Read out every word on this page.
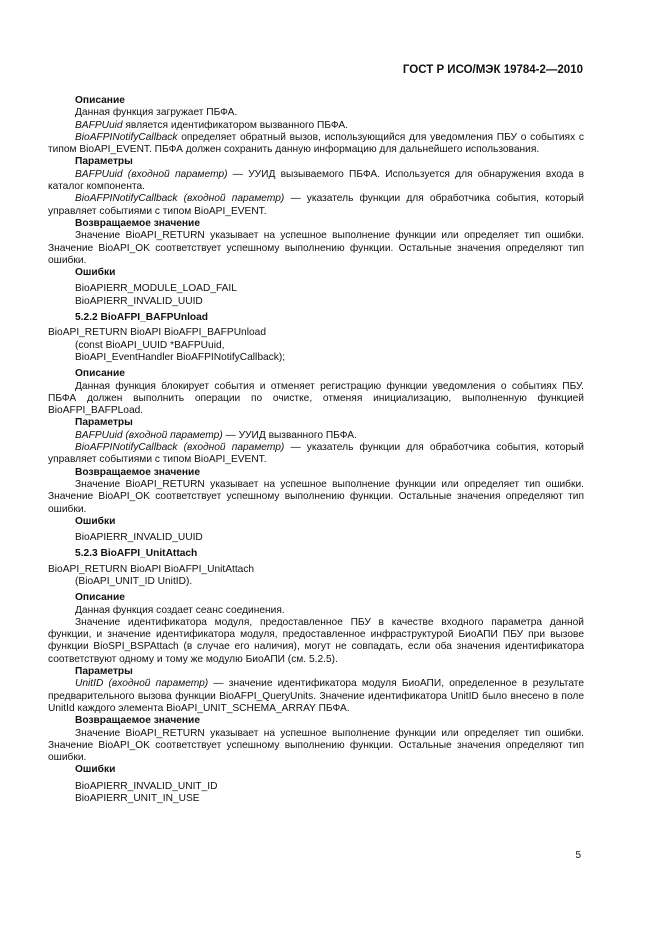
ГОСТ Р ИСО/МЭК 19784-2—2010

Описание

Данная функция загружает ПБФА.

BAFPUuid является идентификатором вызванного ПБФА.

BioAFPINotifyCallback определяет обратный вызов, использующийся для уведомления ПБУ о событиях с типом BioAPI_EVENT. ПБФА должен сохранить данную информацию для дальнейшего использования.

Параметры

BAFPUuid (входной параметр) — УУИД вызываемого ПБФА. Используется для обнаружения входа в каталог компонента.

BioAFPINotifyCallback (входной параметр) — указатель функции для обработчика события, который управляет событиями с типом BioAPI_EVENT.

Возвращаемое значение

Значение BioAPI_RETURN указывает на успешное выполнение функции или определяет тип ошибки. Значение BioAPI_OK соответствует успешному выполнению функции. Остальные значения определяют тип ошибки.

Ошибки

BioAPIERR_MODULE_LOAD_FAIL

BioAPIERR_INVALID_UUID

5.2.2 BioAFPI_BAFPUnload

BioAPI_RETURN BioAPI BioAFPI_BAFPUnload

(const BioAPI_UUID *BAFPUuid,

BioAPI_EventHandler BioAFPINotifyCallback);

Описание

Данная функция блокирует события и отменяет регистрацию функции уведомления о событиях ПБУ. ПБФА должен выполнить операции по очистке, отменяя инициализацию, выполненную функцией BioAFPI_BAFPLoad.

Параметры

BAFPUuid (входной параметр) — УУИД вызванного ПБФА.

BioAFPINotifyCallback (входной параметр) — указатель функции для обработчика события, который управляет событиями с типом BioAPI_EVENT.

Возвращаемое значение

Значение BioAPI_RETURN указывает на успешное выполнение функции или определяет тип ошибки. Значение BioAPI_OK соответствует успешному выполнению функции. Остальные значения определяют тип ошибки.

Ошибки

BioAPIERR_INVALID_UUID

5.2.3 BioAFPI_UnitAttach

BioAPI_RETURN BioAPI BioAFPI_UnitAttach

(BioAPI_UNIT_ID UnitID).

Описание

Данная функция создает сеанс соединения.

Значение идентификатора модуля, предоставленное ПБУ в качестве входного параметра данной функции, и значение идентификатора модуля, предоставленное инфраструктурой БиоАПИ ПБУ при вызове функции BioSPI_BSPAttach (в случае его наличия), могут не совпадать, если оба значения идентификатора соответствуют одному и тому же модулю БиоАПИ (см. 5.2.5).

Параметры

UnitID (входной параметр) — значение идентификатора модуля БиоАПИ, определенное в результате предварительного вызова функции BioAFPI_QueryUnits. Значение идентификатора UnitID было внесено в поле UnitId каждого элемента BioAPI_UNIT_SCHEMA_ARRAY ПБФА.

Возвращаемое значение

Значение BioAPI_RETURN указывает на успешное выполнение функции или определяет тип ошибки. Значение BioAPI_OK соответствует успешному выполнению функции. Остальные значения определяют тип ошибки.

Ошибки

BioAPIERR_INVALID_UNIT_ID

BioAPIERR_UNIT_IN_USE

5
